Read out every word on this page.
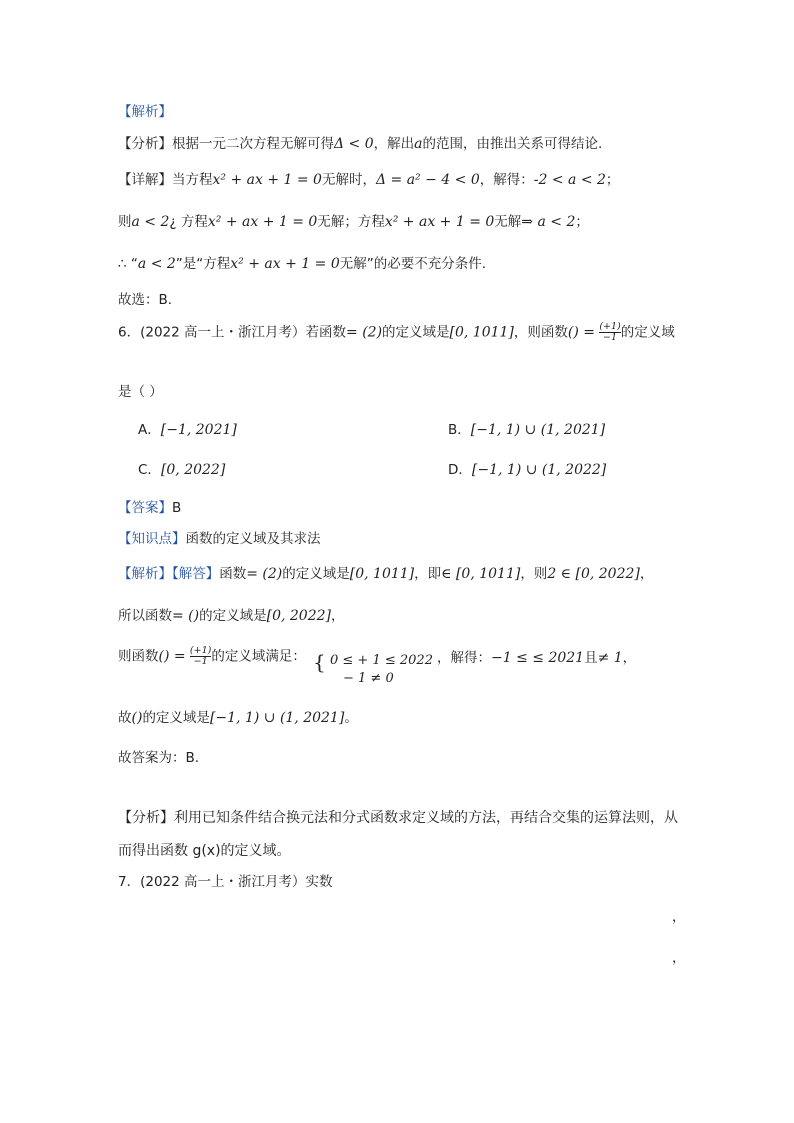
【解析】
【分析】根据一元二次方程无解可得Δ < 0，解出a的范围，由推出关系可得结论.
【详解】当方程x² + ax + 1 = 0无解时，Δ = a² − 4 < 0，解得：-2 < a < 2；
则a < 2¿ 方程x² + ax + 1 = 0无解；方程x² + ax + 1 = 0无解⇒ a < 2；
∴ “a < 2”是“方程x² + ax + 1 = 0无解”的必要不充分条件.
故选：B.
6．(2022 高一上・浙江月考）若函数= (2)的定义域是[0, 1011]，则函数() = $\frac{(+1)}{-1}$ 的定义域
是（ ）
A．[−1, 2021]	B．[−1, 1) ∪ (1, 2021]
C．[0, 2022]	D．[−1, 1) ∪ (1, 2022]
【答案】B
【知识点】函数的定义域及其求法
【解析】【解答】函数= (2)的定义域是[0, 1011]，即∈ [0, 1011]，则2 ∈ [0, 2022]，
所以函数= ()的定义域是[0, 2022]，
则函数() = $\frac{(+1)}{-1}$ 的定义域满足： { 0 ≤ + 1 ≤ 2022
− 1 ≠ 0
，解得：−1 ≤ ≤ 2021且≠ 1，
故()的定义域是[−1, 1) ∪ (1, 2021]。
故答案为：B.
【分析】利用已知条件结合换元法和分式函数求定义域的方法，再结合交集的运算法则，从
而得出函数 g(x)的定义域。
7．(2022 高一上・浙江月考）实数
，
，
